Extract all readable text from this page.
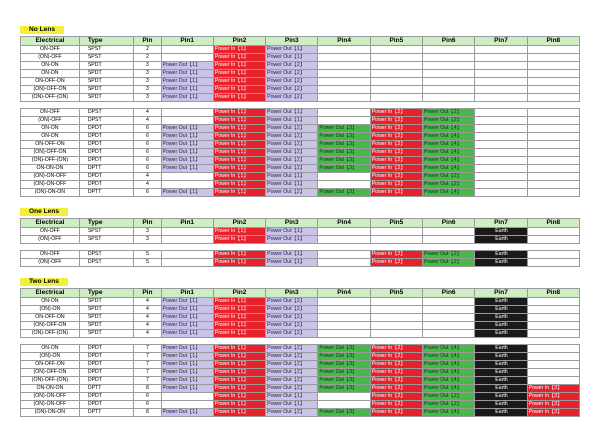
No Lens
Electrical	Type	Pin	Pin1	Pin2	Pin3	Pin4	Pin5	Pin6	Pin7	Pin8
ON-OFF	SPST	2		Power In【1】	Power Out【1】					
(ON)-OFF	SPST	2		Power In【1】	Power Out【1】					
ON-ON	SPDT	3	Power Out【1】	Power In【1】	Power Out【2】					
ON-ON	SPDT	3	Power Out【1】	Power In【1】	Power Out【2】					
ON-OFF-ON	SPDT	3	Power Out【1】	Power In【1】	Power Out【2】					
(ON)-OFF-ON	SPDT	3	Power Out【1】	Power In【1】	Power Out【2】					
(ON)-OFF-(ON)	SPDT	3	Power Out【1】	Power In【1】	Power Out【2】					

ON-OFF	DPST	4		Power In【1】	Power Out【1】		Power In【2】	Power Out【2】		
(ON)-OFF	DPST	4		Power In【1】	Power Out【1】		Power In【2】	Power Out【2】		
ON-ON	DPDT	6	Power Out【1】	Power In【1】	Power Out【2】	Power Out【3】	Power In【2】	Power Out【4】		
ON-ON	DPDT	6	Power Out【1】	Power In【1】	Power Out【2】	Power Out【3】	Power In【2】	Power Out【4】		
ON-OFF-ON	DPDT	6	Power Out【1】	Power In【1】	Power Out【2】	Power Out【3】	Power In【2】	Power Out【4】		
(ON)-OFF-ON	DPDT	6	Power Out【1】	Power In【1】	Power Out【2】	Power Out【3】	Power In【2】	Power Out【4】		
(ON)-OFF-(ON)	DPDT	6	Power Out【1】	Power In【1】	Power Out【2】	Power Out【3】	Power In【2】	Power Out【4】		
ON-ON-ON	DPTT	6	Power Out【1】	Power In【1】	Power Out【2】	Power Out【3】	Power In【2】	Power Out【4】		
(ON)-ON-OFF	DPDT	4		Power In【1】	Power Out【1】		Power In【2】	Power Out【2】		
(ON)-ON-OFF	DPDT	4		Power In【1】	Power Out【1】		Power In【2】	Power Out【2】		
(ON)-ON-ON	DPTT	6	Power Out【1】	Power In【1】	Power Out【2】	Power Out【3】	Power In【2】	Power Out【4】		
One Lens
Electrical	Type	Pin	Pin1	Pin2	Pin3	Pin4	Pin5	Pin6	Pin7	Pin8
ON-OFF	SPST	3		Power In【1】	Power Out【1】				Earth	
(ON)-OFF	SPST	3		Power In【1】	Power Out【1】				Earth	

ON-OFF	DPST	5		Power In【1】	Power Out【1】		Power In【2】	Power Out【2】	Earth	
(ON)-OFF	DPST	5		Power In【1】	Power Out【1】		Power In【2】	Power Out【2】	Earth	
Two Lens
Electrical	Type	Pin	Pin1	Pin2	Pin3	Pin4	Pin5	Pin6	Pin7	Pin8
ON-ON	SPDT	4	Power Out【1】	Power In【1】	Power Out【2】				Earth	
(ON)-ON	SPDT	4	Power Out【1】	Power In【1】	Power Out【2】				Earth	
ON-OFF-ON	SPDT	4	Power Out【1】	Power In【1】	Power Out【2】				Earth	
(ON)-OFF-ON	SPDT	4	Power Out【1】	Power In【1】	Power Out【2】				Earth	
(ON)-OFF-(ON)	SPDT	4	Power Out【1】	Power In【1】	Power Out【2】				Earth	

ON-ON	DPDT	7	Power Out【1】	Power In【1】	Power Out【2】	Power Out【3】	Power In【2】	Power Out【4】	Earth	
(ON)-ON	DPDT	7	Power Out【1】	Power In【1】	Power Out【2】	Power Out【3】	Power In【2】	Power Out【4】	Earth	
ON-OFF-ON	DPDT	7	Power Out【1】	Power In【1】	Power Out【2】	Power Out【3】	Power In【2】	Power Out【4】	Earth	
(ON)-OFF-ON	DPDT	7	Power Out【1】	Power In【1】	Power Out【2】	Power Out【3】	Power In【2】	Power Out【4】	Earth	
(ON)-OFF-(ON)	DPDT	7	Power Out【1】	Power In【1】	Power Out【2】	Power Out【3】	Power In【2】	Power Out【4】	Earth	
ON-ON-ON	DPTT	8	Power Out【1】	Power In【1】	Power Out【2】	Power Out【3】	Power In【2】	Power Out【4】	Earth	Power In【3】
(ON)-ON-OFF	DPDT	6		Power In【1】	Power Out【1】		Power In【2】	Power Out【2】	Earth	Power In【3】
(ON)-ON-OFF	DPDT	6		Power In【1】	Power Out【1】		Power In【2】	Power Out【2】	Earth	Power In【3】
(ON)-ON-ON	DPTT	8	Power Out【1】	Power In【1】	Power Out【2】	Power Out【3】	Power In【2】	Power Out【4】	Earth	Power In【3】
